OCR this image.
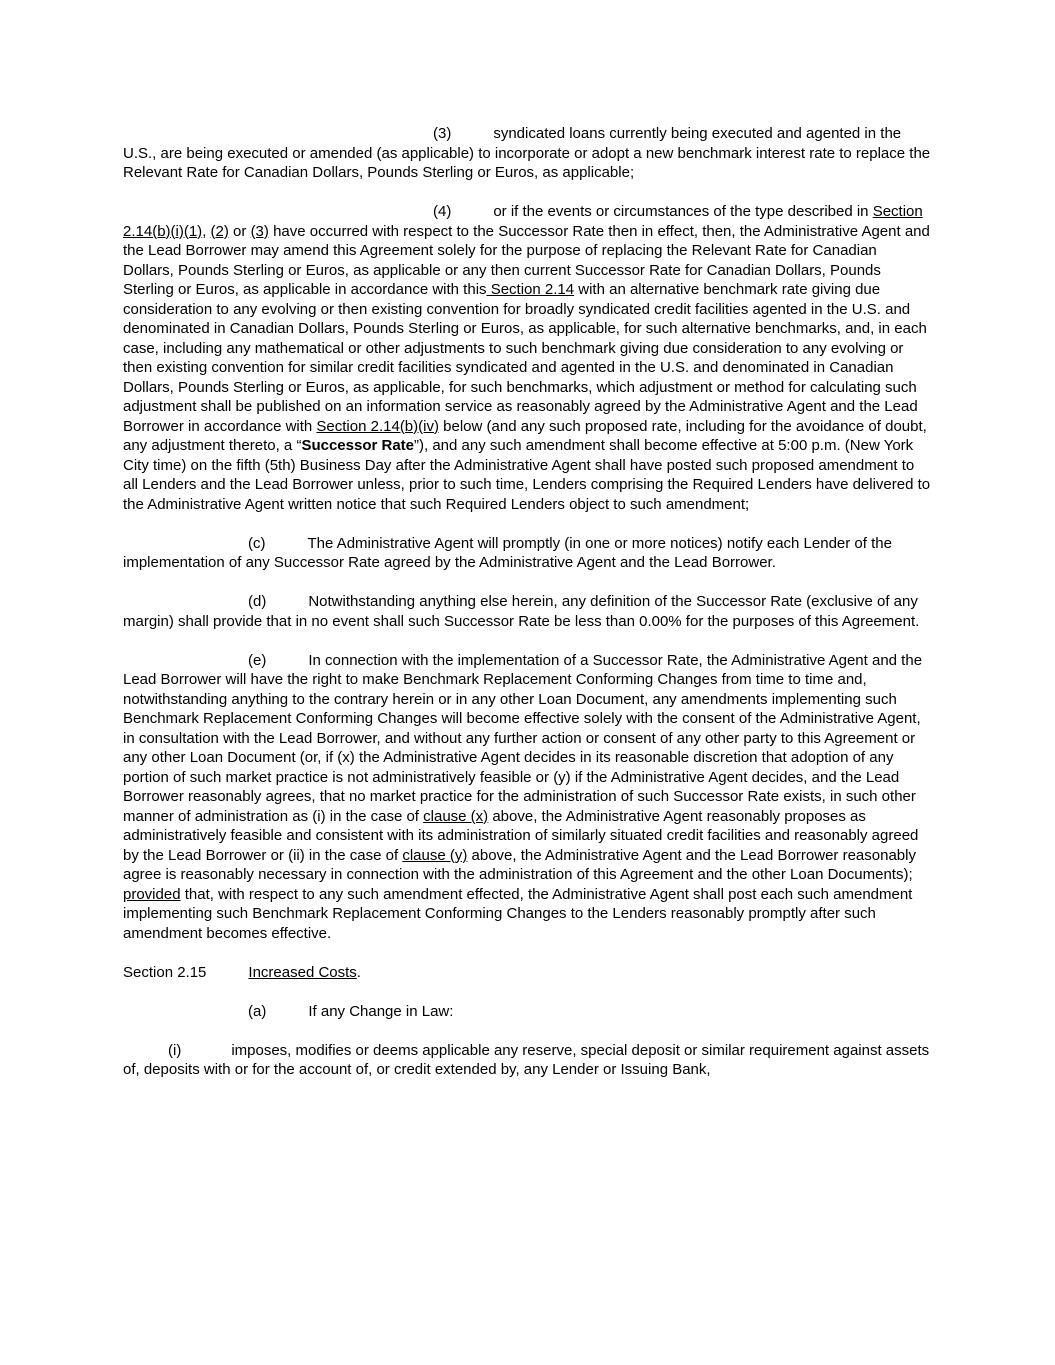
(3)	syndicated loans currently being executed and agented in the U.S., are being executed or amended (as applicable) to incorporate or adopt a new benchmark interest rate to replace the Relevant Rate for Canadian Dollars, Pounds Sterling or Euros, as applicable;

(4)	or if the events or circumstances of the type described in Section 2.14(b)(i)(1), (2) or (3) have occurred with respect to the Successor Rate then in effect, then, the Administrative Agent and the Lead Borrower may amend this Agreement solely for the purpose of replacing the Relevant Rate for Canadian Dollars, Pounds Sterling or Euros, as applicable or any then current Successor Rate for Canadian Dollars, Pounds Sterling or Euros, as applicable in accordance with this Section 2.14 with an alternative benchmark rate giving due consideration to any evolving or then existing convention for broadly syndicated credit facilities agented in the U.S. and denominated in Canadian Dollars, Pounds Sterling or Euros, as applicable, for such alternative benchmarks, and, in each case, including any mathematical or other adjustments to such benchmark giving due consideration to any evolving or then existing convention for similar credit facilities syndicated and agented in the U.S. and denominated in Canadian Dollars, Pounds Sterling or Euros, as applicable, for such benchmarks, which adjustment or method for calculating such adjustment shall be published on an information service as reasonably agreed by the Administrative Agent and the Lead Borrower in accordance with Section 2.14(b)(iv) below (and any such proposed rate, including for the avoidance of doubt, any adjustment thereto, a “Successor Rate”), and any such amendment shall become effective at 5:00 p.m. (New York City time) on the fifth (5th) Business Day after the Administrative Agent shall have posted such proposed amendment to all Lenders and the Lead Borrower unless, prior to such time, Lenders comprising the Required Lenders have delivered to the Administrative Agent written notice that such Required Lenders object to such amendment;

(c)	The Administrative Agent will promptly (in one or more notices) notify each Lender of the implementation of any Successor Rate agreed by the Administrative Agent and the Lead Borrower.

(d)	Notwithstanding anything else herein, any definition of the Successor Rate (exclusive of any margin) shall provide that in no event shall such Successor Rate be less than 0.00% for the purposes of this Agreement.

(e)	In connection with the implementation of a Successor Rate, the Administrative Agent and the Lead Borrower will have the right to make Benchmark Replacement Conforming Changes from time to time and, notwithstanding anything to the contrary herein or in any other Loan Document, any amendments implementing such Benchmark Replacement Conforming Changes will become effective solely with the consent of the Administrative Agent, in consultation with the Lead Borrower, and without any further action or consent of any other party to this Agreement or any other Loan Document (or, if (x) the Administrative Agent decides in its reasonable discretion that adoption of any portion of such market practice is not administratively feasible or (y) if the Administrative Agent decides, and the Lead Borrower reasonably agrees, that no market practice for the administration of such Successor Rate exists, in such other manner of administration as (i) in the case of clause (x) above, the Administrative Agent reasonably proposes as administratively feasible and consistent with its administration of similarly situated credit facilities and reasonably agreed by the Lead Borrower or (ii) in the case of clause (y) above, the Administrative Agent and the Lead Borrower reasonably agree is reasonably necessary in connection with the administration of this Agreement and the other Loan Documents); provided that, with respect to any such amendment effected, the Administrative Agent shall post each such amendment implementing such Benchmark Replacement Conforming Changes to the Lenders reasonably promptly after such amendment becomes effective.

Section 2.15	Increased Costs.

(a)	If any Change in Law:

(i)	imposes, modifies or deems applicable any reserve, special deposit or similar requirement against assets of, deposits with or for the account of, or credit extended by, any Lender or Issuing Bank,
